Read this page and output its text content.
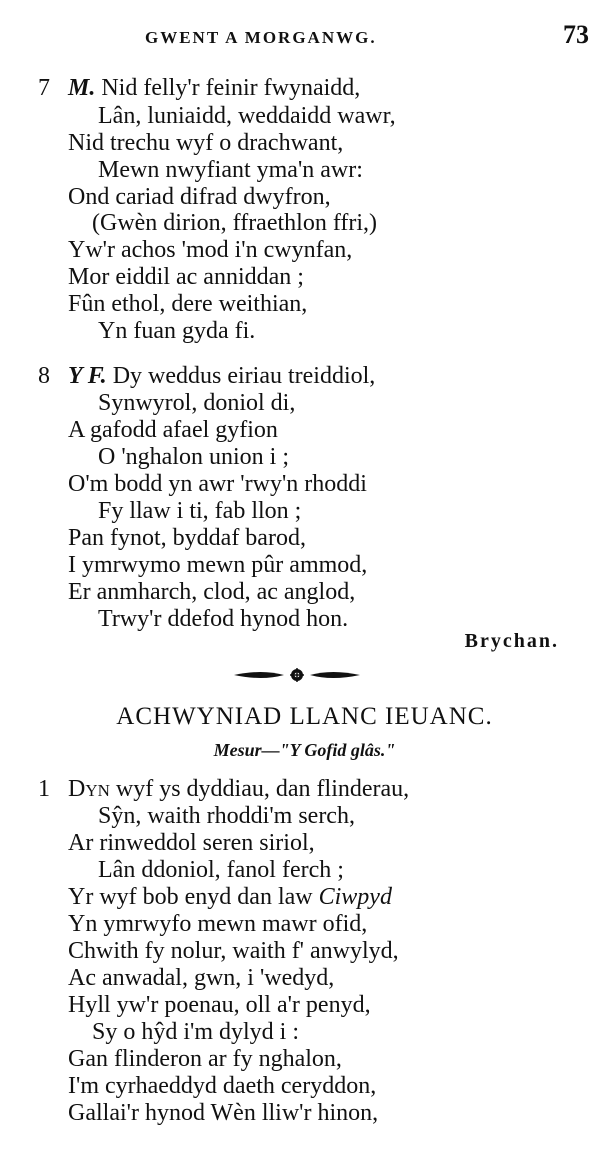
GWENT A MORGANWG.	73
7 M. Nid felly'r feinir fwynaidd,
Lân, luniaidd, weddaidd wawr,
Nid trechu wyf o drachwant,
Mewn nwyfiant yma'n awr:
Ond cariad difrad dwyfron,
(Gwèn dirion, ffraethlon ffri,)
Yw'r achos 'mod i'n cwynfan,
Mor eiddil ac anniddan ;
Fûn ethol, dere weithian,
Yn fuan gyda fi.
8 Y F. Dy weddus eiriau treiddiol,
Synwyrol, doniol di,
A gafodd afael gyfion
O 'nghalon union i ;
O'm bodd yn awr 'rwy'n rhoddi
Fy llaw i ti, fab llon ;
Pan fynot, byddaf barod,
I ymrwymo mewn pûr ammod,
Er anmharch, clod, ac anglod,
Trwy'r ddefod hynod hon.
Brychan.
ACHWYNIAD LLANC IEUANC.
Mesur—"Y Gofid glâs."
1 Dyn wyf ys dyddiau, dan flinderau,
Sŷn, waith rhoddi'm serch,
Ar rinweddol seren siriol,
Lân ddoniol, fanol ferch ;
Yr wyf bob enyd dan law Ciwpyd
Yn ymrwyfo mewn mawr ofid,
Chwith fy nolur, waith f' anwylyd,
Ac anwadal, gwn, i 'wedyd,
Hyll yw'r poenau, oll a'r penyd,
Sy o hŷd i'm dylyd i :
Gan flinderon ar fy nghalon,
I'm cyrhaeddyd daeth ceryddon,
Gallai'r hynod Wèn lliw'r hinon,
